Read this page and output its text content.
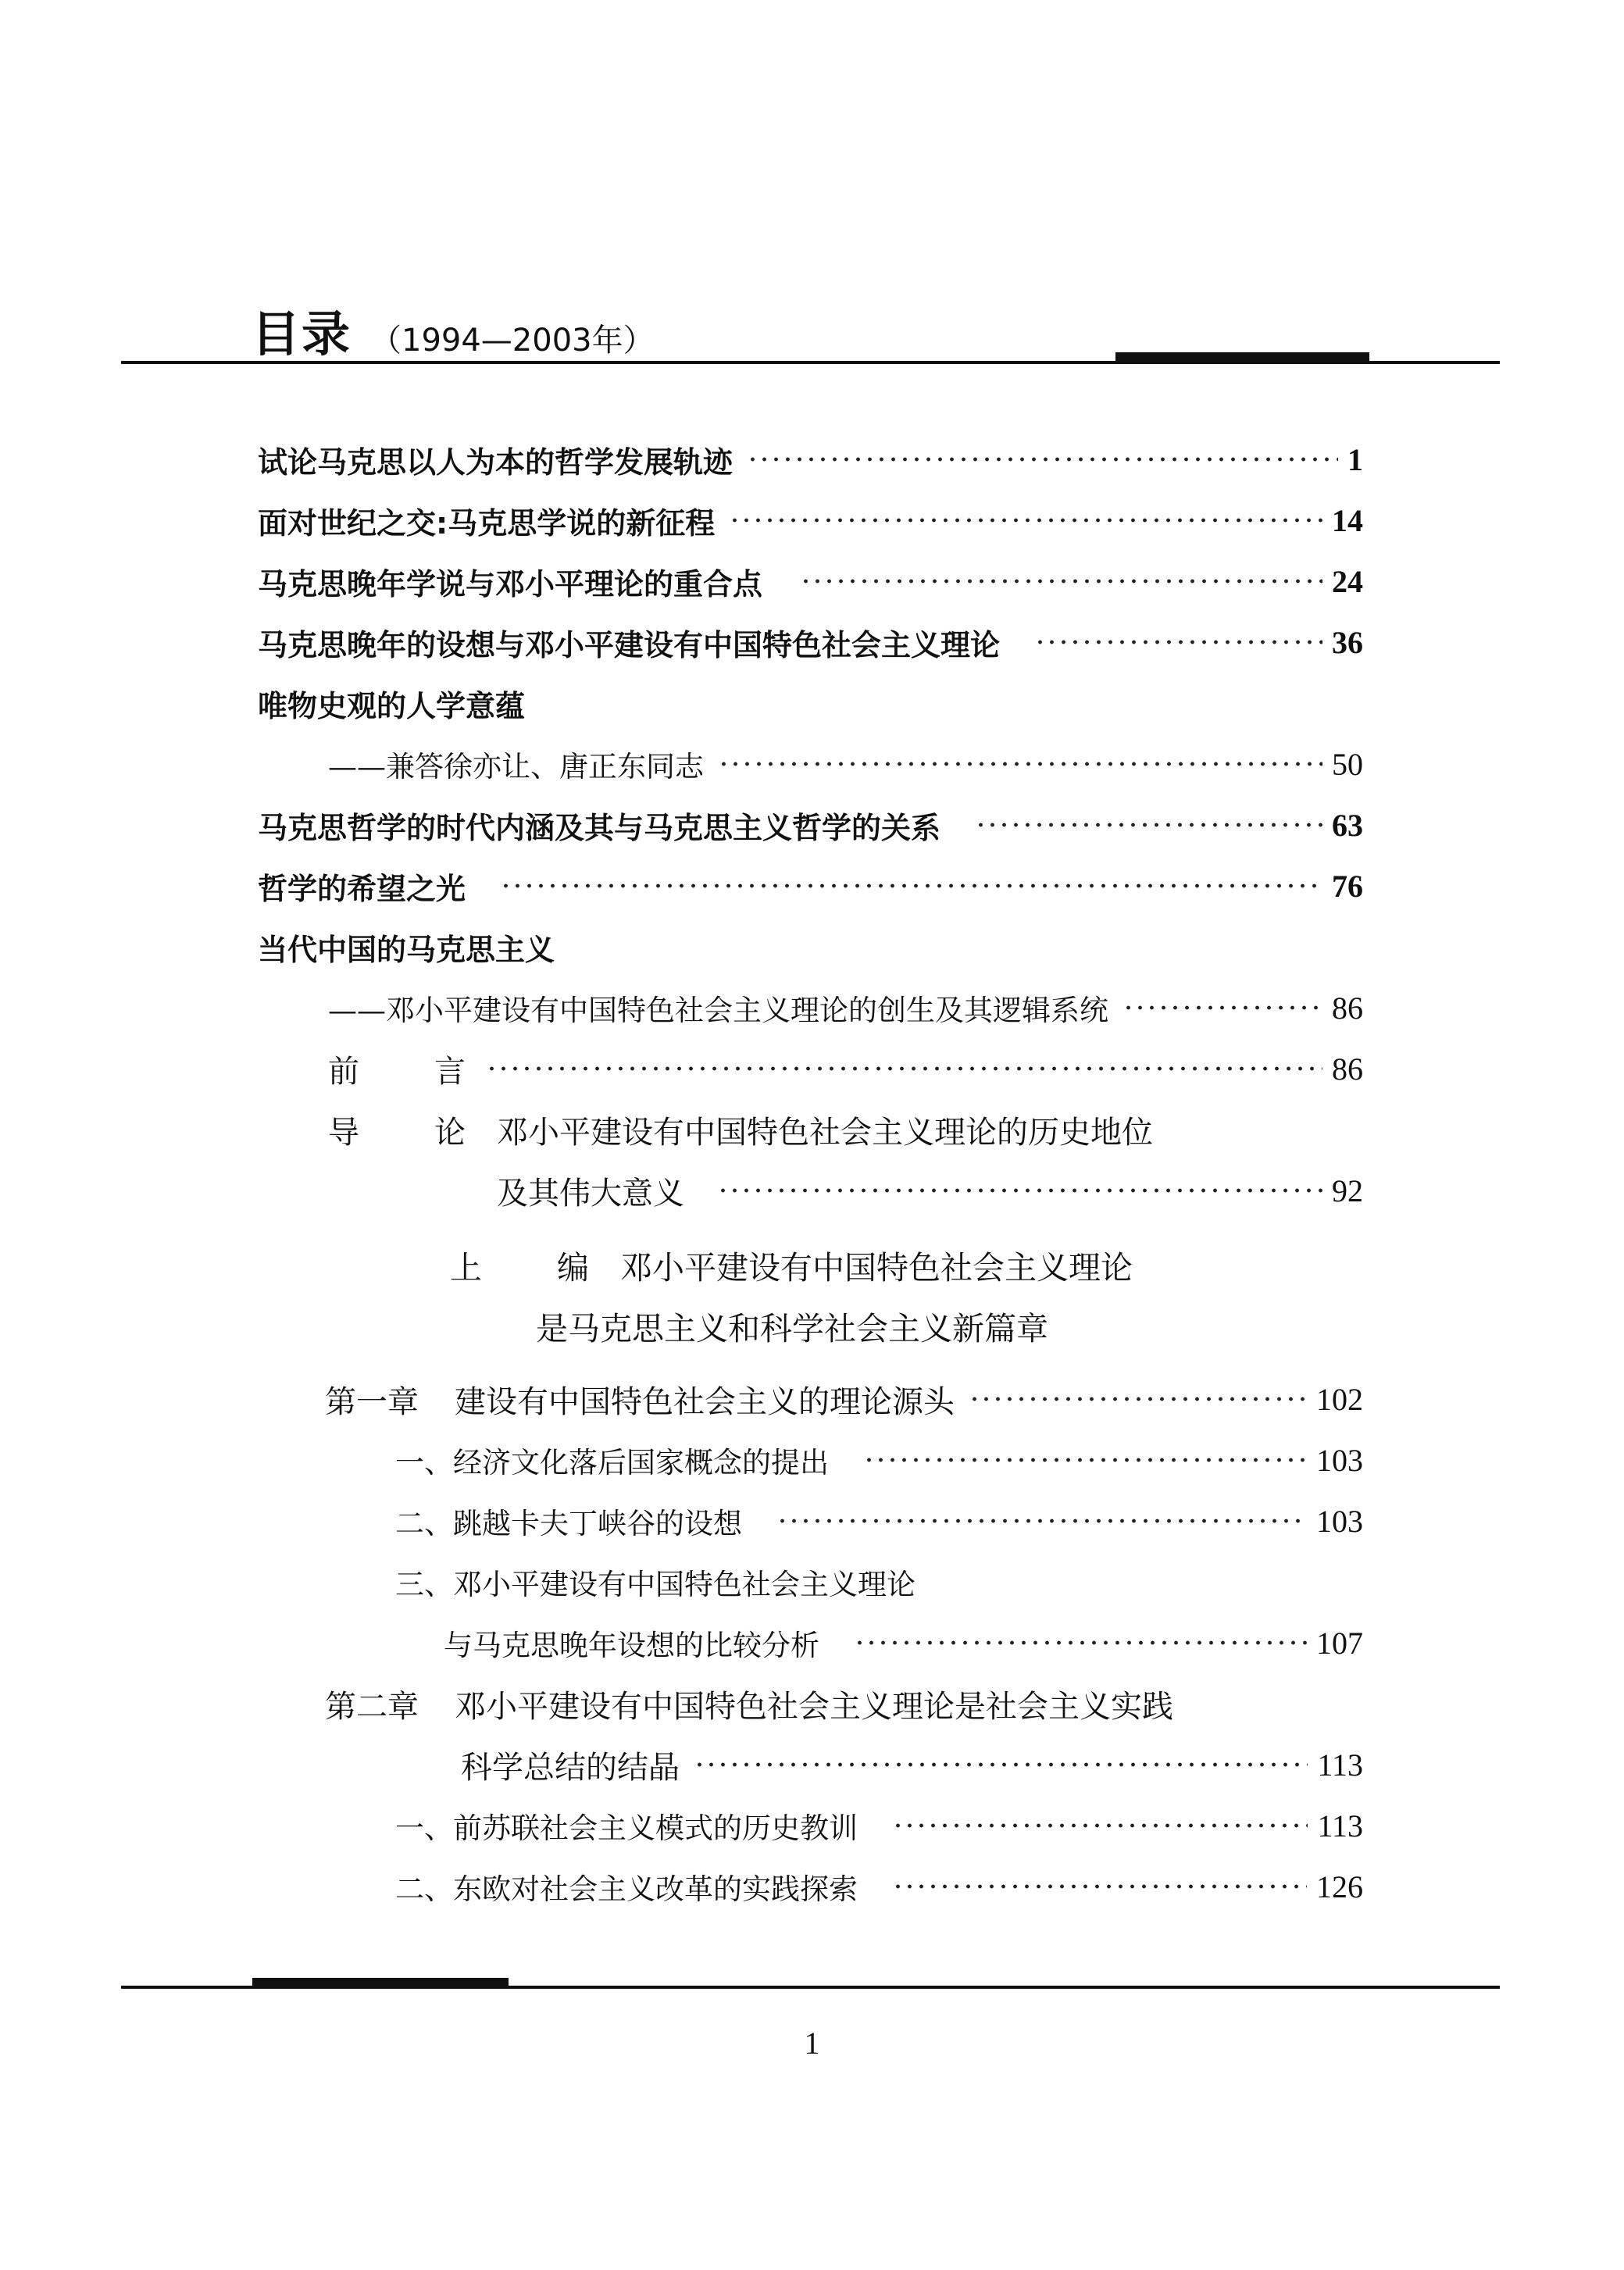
目录 （1994—2003年）
试论马克思以人为本的哲学发展轨迹	1
面对世纪之交:马克思学说的新征程	14
马克思晚年学说与邓小平理论的重合点	24
马克思晚年的设想与邓小平建设有中国特色社会主义理论	36
唯物史观的人学意蕴
——兼答徐亦让、唐正东同志	50
马克思哲学的时代内涵及其与马克思主义哲学的关系	63
哲学的希望之光	76
当代中国的马克思主义
——邓小平建设有中国特色社会主义理论的创生及其逻辑系统	86
前 言	86
导 论 邓小平建设有中国特色社会主义理论的历史地位
及其伟大意义	92
上 编 邓小平建设有中国特色社会主义理论
是马克思主义和科学社会主义新篇章
第一章 建设有中国特色社会主义的理论源头	102
一、经济文化落后国家概念的提出	103
二、跳越卡夫丁峡谷的设想	103
三、邓小平建设有中国特色社会主义理论
与马克思晚年设想的比较分析	107
第二章 邓小平建设有中国特色社会主义理论是社会主义实践
科学总结的结晶	113
一、前苏联社会主义模式的历史教训	113
二、东欧对社会主义改革的实践探索	126
1
